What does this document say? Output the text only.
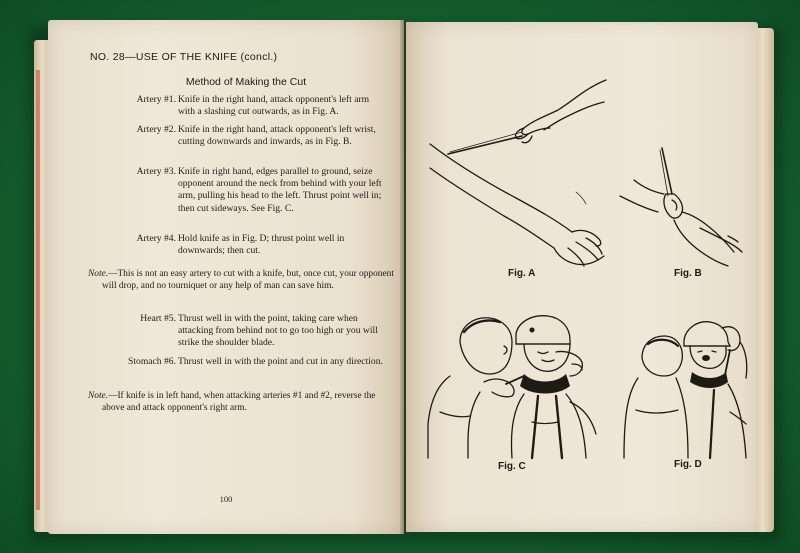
NO. 28—USE OF THE KNIFE (concl.)
Method of Making the Cut
Artery #1. Knife in the right hand, attack opponent's left arm with a slashing cut outwards, as in Fig. A.
Artery #2. Knife in the right hand, attack opponent's left wrist, cutting downwards and inwards, as in Fig. B.
Artery #3. Knife in right hand, edges parallel to ground, seize opponent around the neck from behind with your left arm, pulling his head to the left. Thrust point well in; then cut sideways. See Fig. C.
Artery #4. Hold knife as in Fig. D; thrust point well in downwards; then cut.
Note.—This is not an easy artery to cut with a knife, but, once cut, your opponent will drop, and no tourniquet or any help of man can save him.
Heart #5. Thrust well in with the point, taking care when attacking from behind not to go too high or you will strike the shoulder blade.
Stomach #6. Thrust well in with the point and cut in any direction.
Note.—If knife is in left hand, when attacking arteries #1 and #2, reverse the above and attack opponent's right arm.
100
Fig. A	Fig. B
Fig. C	Fig. D
